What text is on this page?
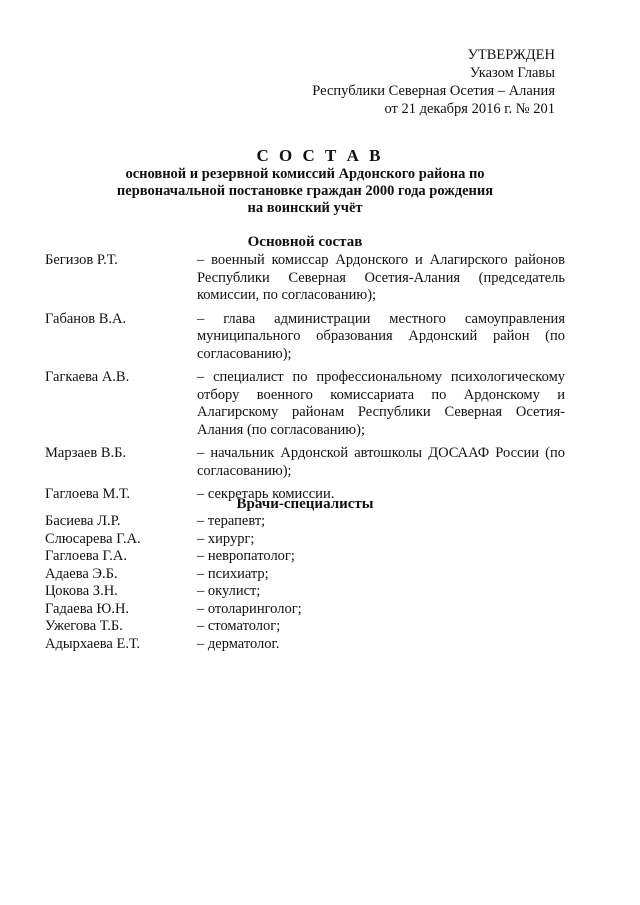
УТВЕРЖДЕН
Указом Главы
Республики Северная Осетия – Алания
от 21 декабря 2016 г. № 201
С О С Т А В
основной и резервной комиссий Ардонского района по
первоначальной постановке граждан 2000 года рождения
на воинский учёт
Основной состав
Бегизов Р.Т.	– военный комиссар Ардонского и Алагирского районов Республики Северная Осетия-Алания (председатель комиссии, по согласованию);
Габанов В.А.	– глава администрации местного самоуправления муниципального образования Ардонский район (по согласованию);
Гагкаева А.В.	– специалист по профессиональному психологическому отбору военного комиссариата по Ардонскому и Алагирскому районам Республики Северная Осетия-Алания (по согласованию);
Марзаев В.Б.	– начальник Ардонской автошколы ДОСААФ России (по согласованию);
Гаглоева М.Т.	– секретарь комиссии.
Врачи-специалисты
Басиева Л.Р.	– терапевт;
Слюсарева Г.А.	– хирург;
Гаглоева Г.А.	– невропатолог;
Адаева Э.Б.	– психиатр;
Цокова З.Н.	– окулист;
Гадаева Ю.Н.	– отоларинголог;
Ужегова Т.Б.	– стоматолог;
Адырхаева Е.Т.	– дерматолог.
